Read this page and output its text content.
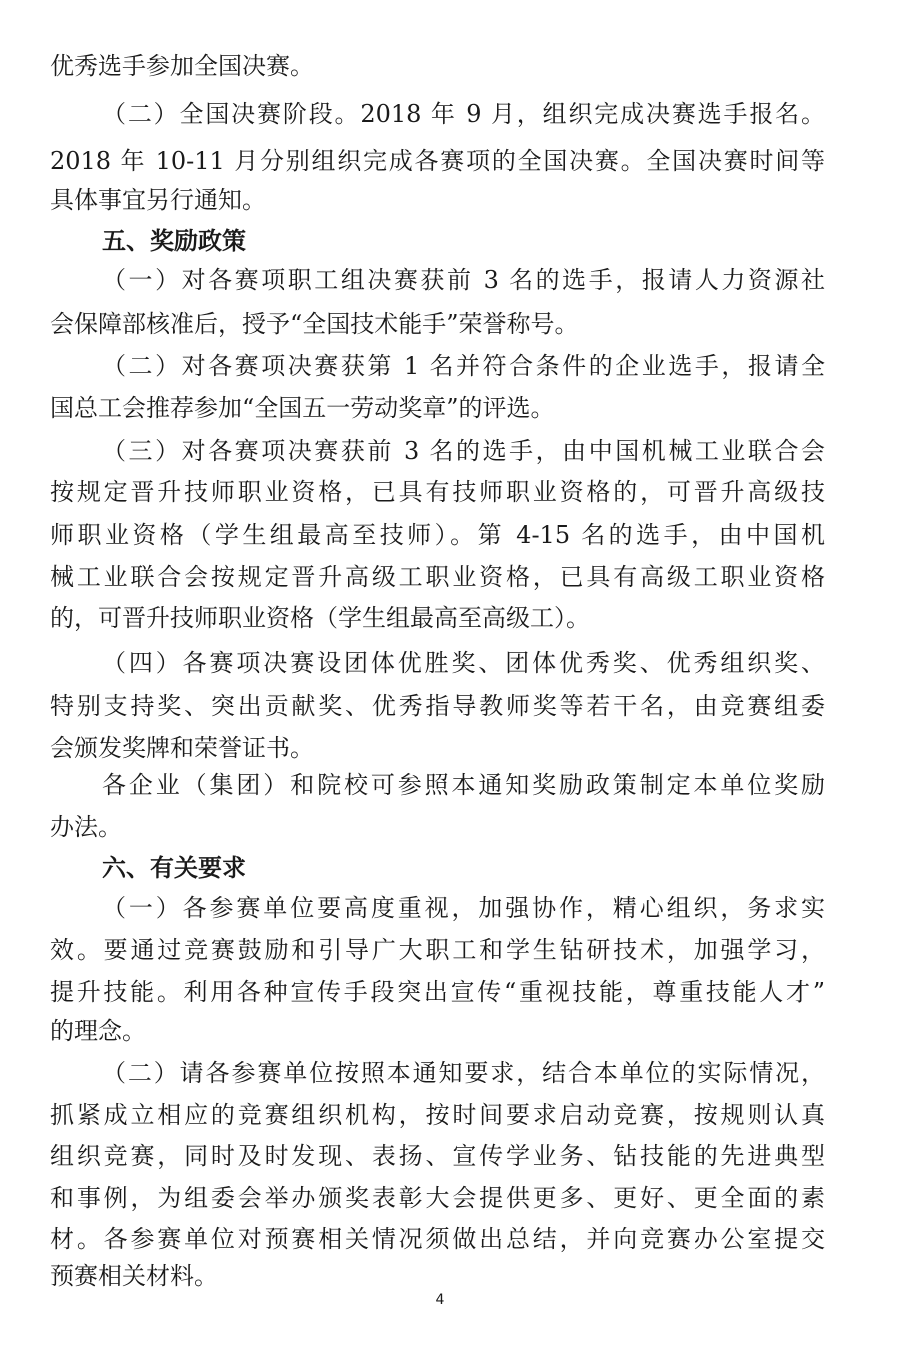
优秀选手参加全国决赛。
（二）全国决赛阶段。2018 年 9 月，组织完成决赛选手报名。
2018 年 10-11 月分别组织完成各赛项的全国决赛。全国决赛时间等
具体事宜另行通知。
五、奖励政策
（一）对各赛项职工组决赛获前 3 名的选手，报请人力资源社
会保障部核准后，授予“全国技术能手”荣誉称号。
（二）对各赛项决赛获第 1 名并符合条件的企业选手，报请全
国总工会推荐参加“全国五一劳动奖章”的评选。
（三）对各赛项决赛获前 3 名的选手，由中国机械工业联合会
按规定晋升技师职业资格，已具有技师职业资格的，可晋升高级技
师职业资格（学生组最高至技师）。第 4-15 名的选手，由中国机
械工业联合会按规定晋升高级工职业资格，已具有高级工职业资格
的，可晋升技师职业资格（学生组最高至高级工）。
（四）各赛项决赛设团体优胜奖、团体优秀奖、优秀组织奖、
特别支持奖、突出贡献奖、优秀指导教师奖等若干名，由竞赛组委
会颁发奖牌和荣誉证书。
各企业（集团）和院校可参照本通知奖励政策制定本单位奖励
办法。
六、有关要求
（一）各参赛单位要高度重视，加强协作，精心组织，务求实
效。要通过竞赛鼓励和引导广大职工和学生钻研技术，加强学习，
提升技能。利用各种宣传手段突出宣传“重视技能，尊重技能人才”
的理念。
（二）请各参赛单位按照本通知要求，结合本单位的实际情况，
抓紧成立相应的竞赛组织机构，按时间要求启动竞赛，按规则认真
组织竞赛，同时及时发现、表扬、宣传学业务、钻技能的先进典型
和事例，为组委会举办颁奖表彰大会提供更多、更好、更全面的素
材。各参赛单位对预赛相关情况须做出总结，并向竞赛办公室提交
预赛相关材料。
4
